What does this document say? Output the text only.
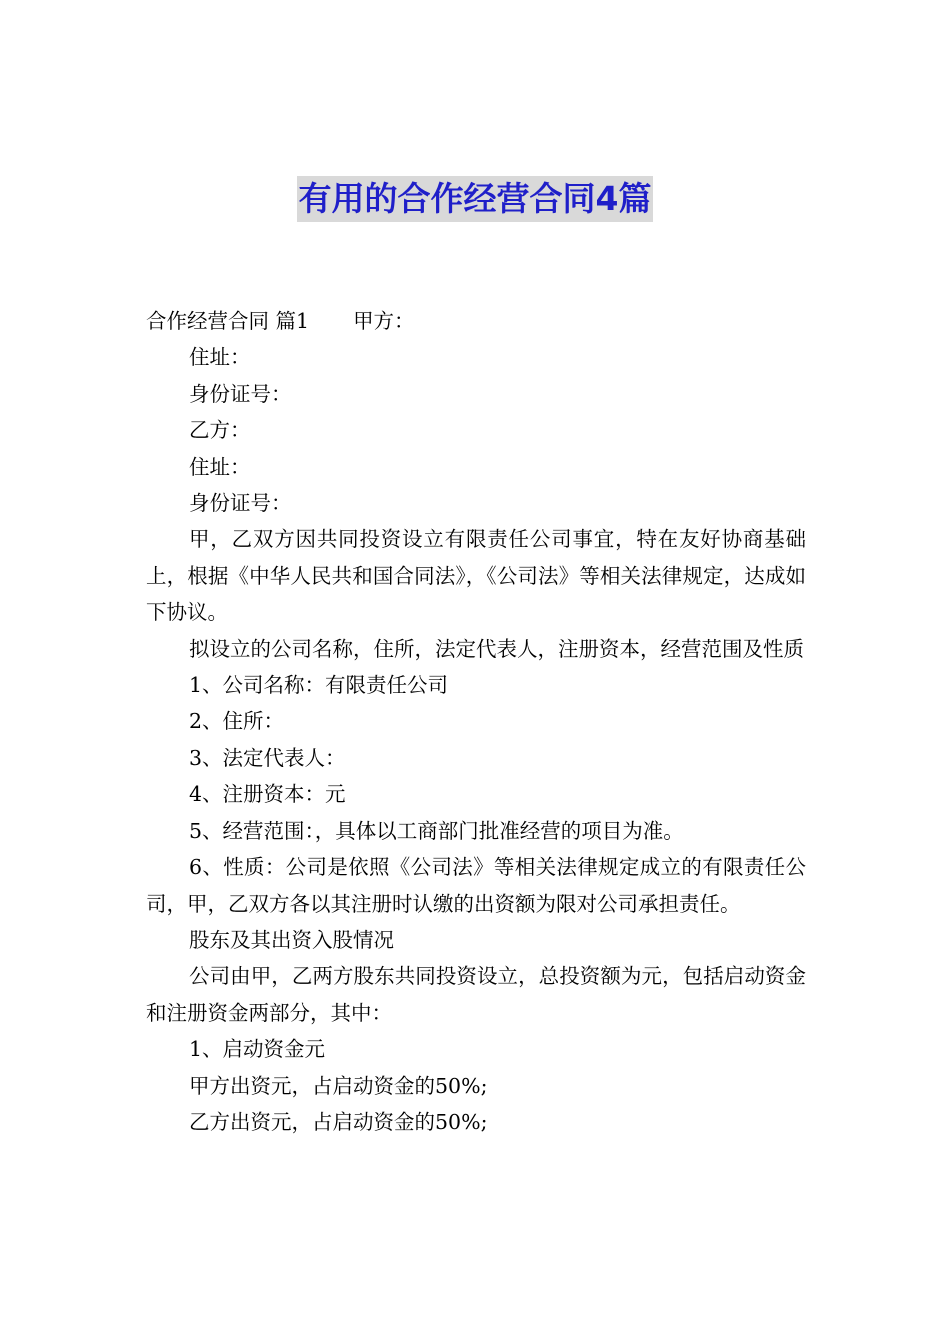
有用的合作经营合同4篇

合作经营合同 篇1 甲方：

住址：

身份证号：

乙方：

住址：

身份证号：

甲，乙双方因共同投资设立有限责任公司事宜，特在友好协商基础上，根据《中华人民共和国合同法》，《公司法》等相关法律规定，达成如下协议。

拟设立的公司名称，住所，法定代表人，注册资本，经营范围及性质

1、公司名称：有限责任公司

2、住所：

3、法定代表人：

4、注册资本：元

5、经营范围：，具体以工商部门批准经营的项目为准。

6、性质：公司是依照《公司法》等相关法律规定成立的有限责任公司，甲，乙双方各以其注册时认缴的出资额为限对公司承担责任。

股东及其出资入股情况

公司由甲，乙两方股东共同投资设立，总投资额为元，包括启动资金和注册资金两部分，其中：

1、启动资金元

甲方出资元，占启动资金的50%;

乙方出资元，占启动资金的50%;
